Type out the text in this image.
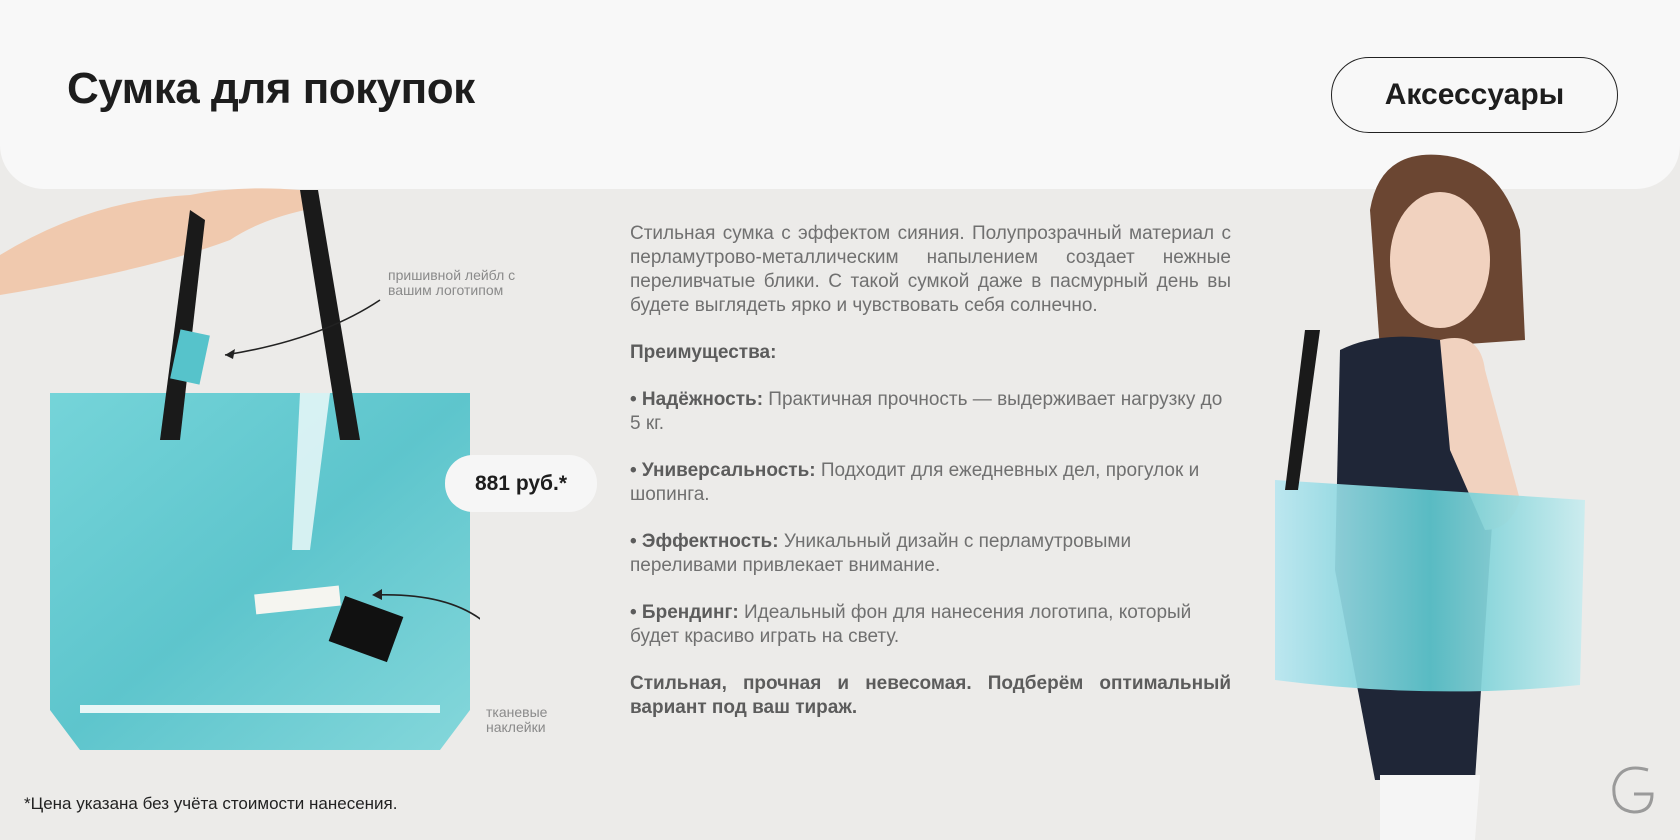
Сумка для покупок	Аксессуары
пришивной лейбл с вашим логотипом
тканевые наклейки
881 руб.*

Стильная сумка с эффектом сияния. Полупрозрачный материал с перламутрово-металлическим напылением создает нежные переливчатые блики. С такой сумкой даже в пасмурный день вы будете выглядеть ярко и чувствовать себя солнечно.

Преимущества:

• Надёжность: Практичная прочность — выдерживает нагрузку до 5 кг.

• Универсальность: Подходит для ежедневных дел, прогулок и шопинга.

• Эффектность: Уникальный дизайн с перламутровыми переливами привлекает внимание.

• Брендинг: Идеальный фон для нанесения логотипа, который будет красиво играть на свету.

Стильная, прочная и невесомая. Подберём оптимальный вариант под ваш тираж.

*Цена указана без учёта стоимости нанесения.
